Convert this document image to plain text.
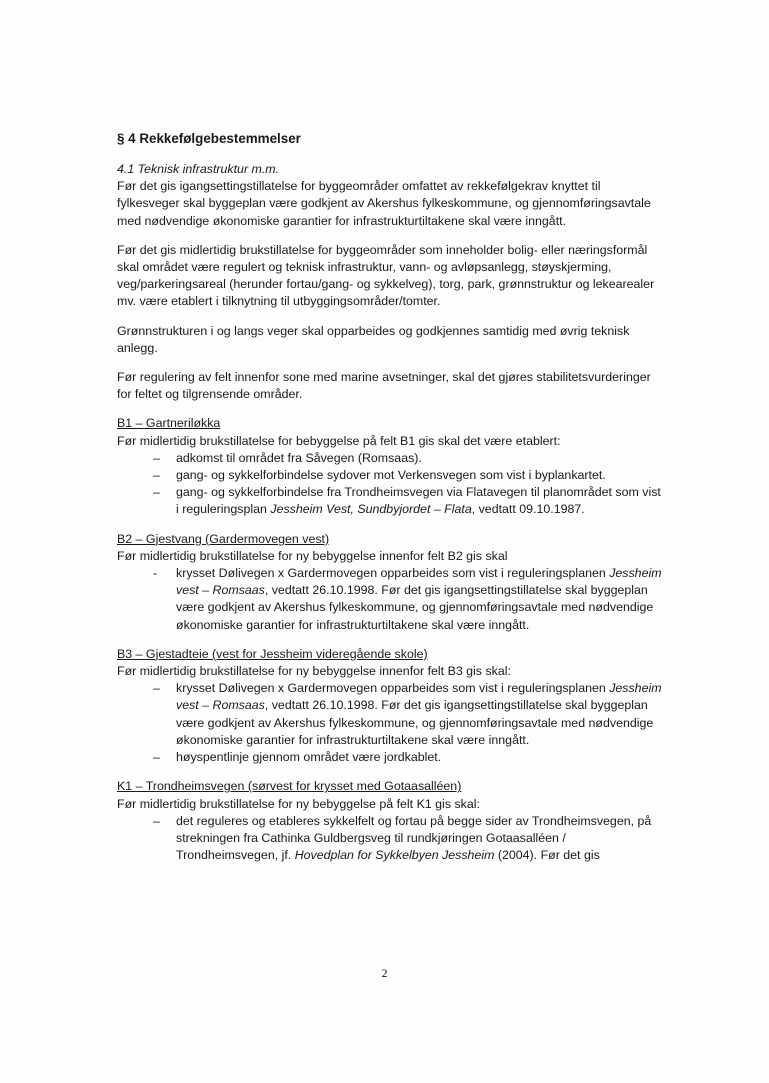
§ 4 Rekkefølgebestemmelser

4.1 Teknisk infrastruktur m.m.

Før det gis igangsettingstillatelse for byggeområder omfattet av rekkefølgekrav knyttet til fylkesveger skal byggeplan være godkjent av Akershus fylkeskommune, og gjennomføringsavtale med nødvendige økonomiske garantier for infrastrukturtiltakene skal være inngått.

Før det gis midlertidig brukstillatelse for byggeområder som inneholder bolig- eller næringsformål skal området være regulert og teknisk infrastruktur, vann- og avløpsanlegg, støyskjerming, veg/parkeringsareal (herunder fortau/gang- og sykkelveg), torg, park, grønnstruktur og lekearealer mv. være etablert i tilknytning til utbyggingsområder/tomter.

Grønnstrukturen i og langs veger skal opparbeides og godkjennes samtidig med øvrig teknisk anlegg.

Før regulering av felt innenfor sone med marine avsetninger, skal det gjøres stabilitetsvurderinger for feltet og tilgrensende områder.

B1 – Gartneriløkka

Før midlertidig brukstillatelse for bebyggelse på felt B1 gis skal det være etablert:

– adkomst til området fra Såvegen (Romsaas).
– gang- og sykkelforbindelse sydover mot Verkensvegen som vist i byplankartet.
– gang- og sykkelforbindelse fra Trondheimsvegen via Flatavegen til planområdet som vist i reguleringsplan Jessheim Vest, Sundbyjordet – Flata, vedtatt 09.10.1987.

B2 – Gjestvang (Gardermovegen vest)

Før midlertidig brukstillatelse for ny bebyggelse innenfor felt B2 gis skal

- krysset Dølivegen x Gardermovegen opparbeides som vist i reguleringsplanen Jessheim vest – Romsaas, vedtatt 26.10.1998. Før det gis igangsettingstillatelse skal byggeplan være godkjent av Akershus fylkeskommune, og gjennomføringsavtale med nødvendige økonomiske garantier for infrastrukturtiltakene skal være inngått.

B3 – Gjestadteie (vest for Jessheim videregående skole)

Før midlertidig brukstillatelse for ny bebyggelse innenfor felt B3 gis skal:

– krysset Dølivegen x Gardermovegen opparbeides som vist i reguleringsplanen Jessheim vest – Romsaas, vedtatt 26.10.1998. Før det gis igangsettingstillatelse skal byggeplan være godkjent av Akershus fylkeskommune, og gjennomføringsavtale med nødvendige økonomiske garantier for infrastrukturtiltakene skal være inngått.
– høyspentlinje gjennom området være jordkablet.

K1 – Trondheimsvegen (sørvest for krysset med Gotaasalléen)

Før midlertidig brukstillatelse for ny bebyggelse på felt K1 gis skal:

– det reguleres og etableres sykkelfelt og fortau på begge sider av Trondheimsvegen, på strekningen fra Cathinka Guldbergsveg til rundkjøringen Gotaasalléen / Trondheimsvegen, jf. Hovedplan for Sykkelbyen Jessheim (2004). Før det gis
2
